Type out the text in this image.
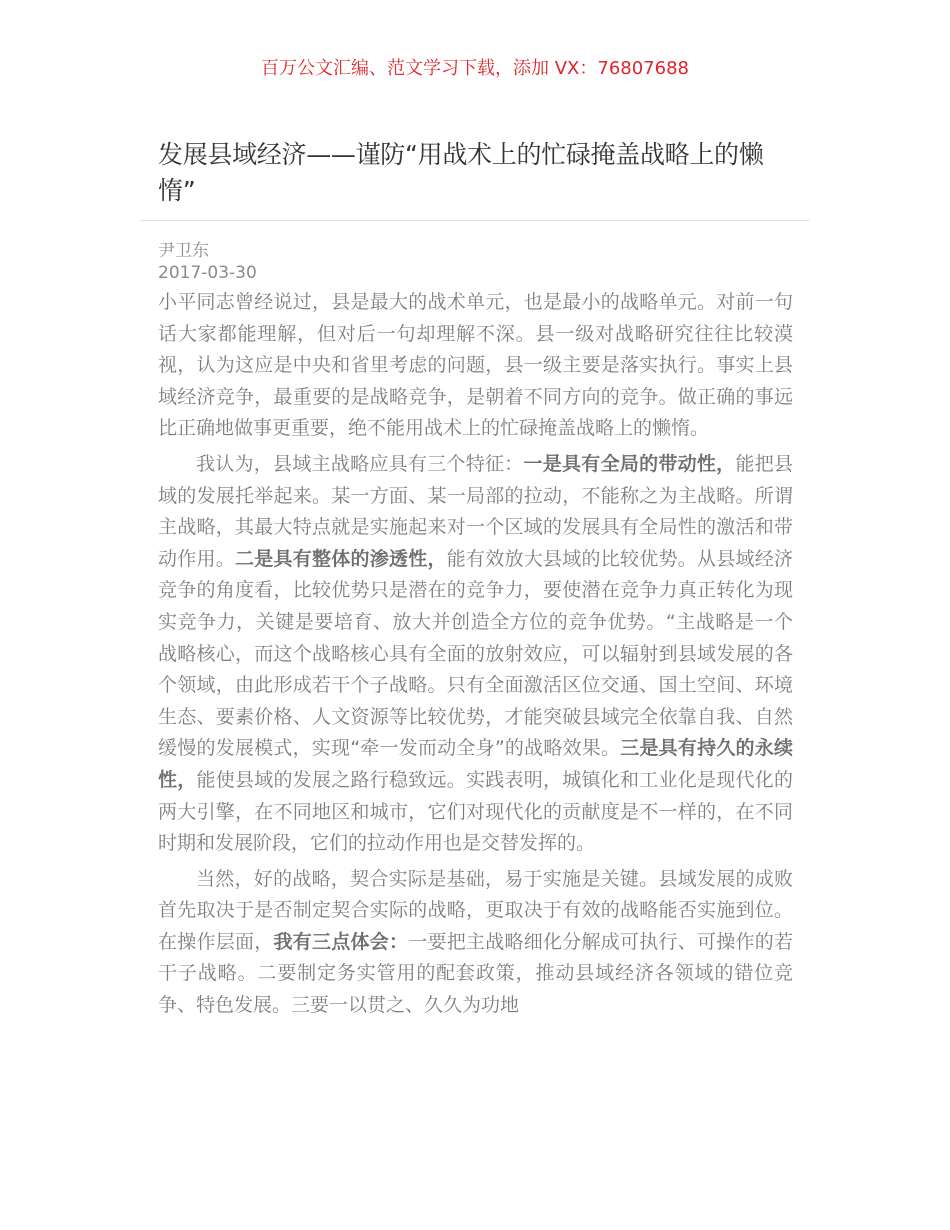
百万公文汇编、范文学习下载，添加 VX：76807688
发展县域经济——谨防“用战术上的忙碌掩盖战略上的懒惰”
尹卫东
2017-03-30

小平同志曾经说过，县是最大的战术单元，也是最小的战略单元。对前一句话大家都能理解，但对后一句却理解不深。县一级对战略研究往往比较漠视，认为这应是中央和省里考虑的问题，县一级主要是落实执行。事实上县域经济竞争，最重要的是战略竞争，是朝着不同方向的竞争。做正确的事远比正确地做事更重要，绝不能用战术上的忙碌掩盖战略上的懒惰。

我认为，县域主战略应具有三个特征：一是具有全局的带动性，能把县域的发展托举起来。某一方面、某一局部的拉动，不能称之为主战略。所谓主战略，其最大特点就是实施起来对一个区域的发展具有全局性的激活和带动作用。二是具有整体的渗透性，能有效放大县域的比较优势。从县域经济竞争的角度看，比较优势只是潜在的竞争力，要使潜在竞争力真正转化为现实竞争力，关键是要培育、放大并创造全方位的竞争优势。“主战略是一个战略核心，而这个战略核心具有全面的放射效应，可以辐射到县域发展的各个领域，由此形成若干个子战略。只有全面激活区位交通、国土空间、环境生态、要素价格、人文资源等比较优势，才能突破县域完全依靠自我、自然缓慢的发展模式，实现“牵一发而动全身”的战略效果。三是具有持久的永续性，能使县域的发展之路行稳致远。实践表明，城镇化和工业化是现代化的两大引擎，在不同地区和城市，它们对现代化的贡献度是不一样的，在不同时期和发展阶段，它们的拉动作用也是交替发挥的。

当然，好的战略，契合实际是基础，易于实施是关键。县域发展的成败首先取决于是否制定契合实际的战略，更取决于有效的战略能否实施到位。在操作层面，我有三点体会：一要把主战略细化分解成可执行、可操作的若干子战略。二要制定务实管用的配套政策，推动县域经济各领域的错位竞争、特色发展。三要一以贯之、久久为功地
